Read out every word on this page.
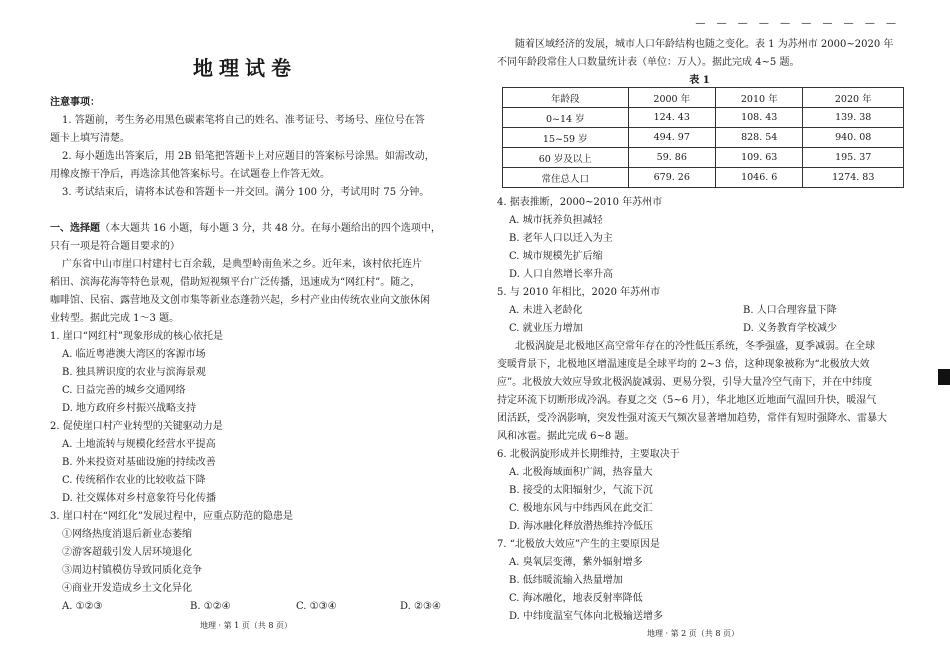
地理试卷
注意事项：
1. 答题前，考生务必用黑色碳素笔将自己的姓名、准考证号、考场号、座位号在答
题卡上填写清楚。
2. 每小题选出答案后，用 2B 铅笔把答题卡上对应题目的答案标号涂黑。如需改动，
用橡皮擦干净后，再选涂其他答案标号。在试题卷上作答无效。
3. 考试结束后，请将本试卷和答题卡一并交回。满分 100 分，考试用时 75 分钟。
一、选择题（本大题共 16 小题，每小题 3 分，共 48 分。在每小题给出的四个选项中，
只有一项是符合题目要求的）
广东省中山市崖口村建村七百余载，是典型岭南鱼米之乡。近年来，该村依托连片
稻田、滨海花海等特色景观，借助短视频平台广泛传播，迅速成为“网红村”。随之，
咖啡馆、民宿、露营地及文创市集等新业态蓬勃兴起，乡村产业由传统农业向文旅休闲
业转型。据此完成 1～3 题。
1. 崖口“网红村”现象形成的核心依托是
A. 临近粤港澳大湾区的客源市场
B. 独具辨识度的农业与滨海景观
C. 日益完善的城乡交通网络
D. 地方政府乡村振兴战略支持
2. 促使崖口村产业转型的关键驱动力是
A. 土地流转与规模化经营水平提高
B. 外来投资对基础设施的持续改善
C. 传统稻作农业的比较收益下降
D. 社交媒体对乡村意象符号化传播
3. 崖口村在“网红化”发展过程中，应重点防范的隐患是
①网络热度消退后新业态萎缩
②游客超载引发人居环境退化
③周边村镇模仿导致同质化竞争
④商业开发造成乡土文化异化
A. ①②③	B. ①②④	C. ①③④	D. ②③④
地理 · 第 1 页（共 8 页）
— — — — — — — — — —
随着区域经济的发展，城市人口年龄结构也随之变化。表 1 为苏州市 2000~2020 年
不同年龄段常住人口数量统计表（单位：万人）。据此完成 4~5 题。
表 1
年龄段	2000 年	2010 年	2020 年
0~14 岁	124. 43	108. 43	139. 38
15~59 岁	494. 97	828. 54	940. 08
60 岁及以上	59. 86	109. 63	195. 37
常住总人口	679. 26	1046. 6	1274. 83
4. 据表推断，2000~2010 年苏州市
A. 城市抚养负担减轻
B. 老年人口以迁入为主
C. 城市规模先扩后缩
D. 人口自然增长率升高
5. 与 2010 年相比，2020 年苏州市
A. 未进入老龄化	B. 人口合理容量下降
C. 就业压力增加	D. 义务教育学校减少
北极涡旋是北极地区高空常年存在的冷性低压系统，冬季强盛，夏季减弱。在全球
变暖背景下，北极地区增温速度是全球平均的 2~3 倍，这种现象被称为“北极放大效
应”。北极放大效应导致北极涡旋减弱、更易分裂，引导大量冷空气南下，并在中纬度
持定环流下切断形成冷涡。春夏之交（5~6 月），华北地区近地面气温回升快，暖湿气
团活跃，受冷涡影响，突发性强对流天气频次显著增加趋势，常伴有短时强降水、雷暴大
风和冰雹。据此完成 6~8 题。
6. 北极涡旋形成并长期维持，主要取决于
A. 北极海域面积广阔，热容量大
B. 接受的太阳辐射少，气流下沉
C. 极地东风与中纬西风在此交汇
D. 海冰融化释放潜热维持冷低压
7. “北极放大效应”产生的主要原因是
A. 臭氧层变薄，紫外辐射增多
B. 低纬暖流输入热量增加
C. 海冰融化，地表反射率降低
D. 中纬度温室气体向北极输送增多
地理 · 第 2 页（共 8 页）
